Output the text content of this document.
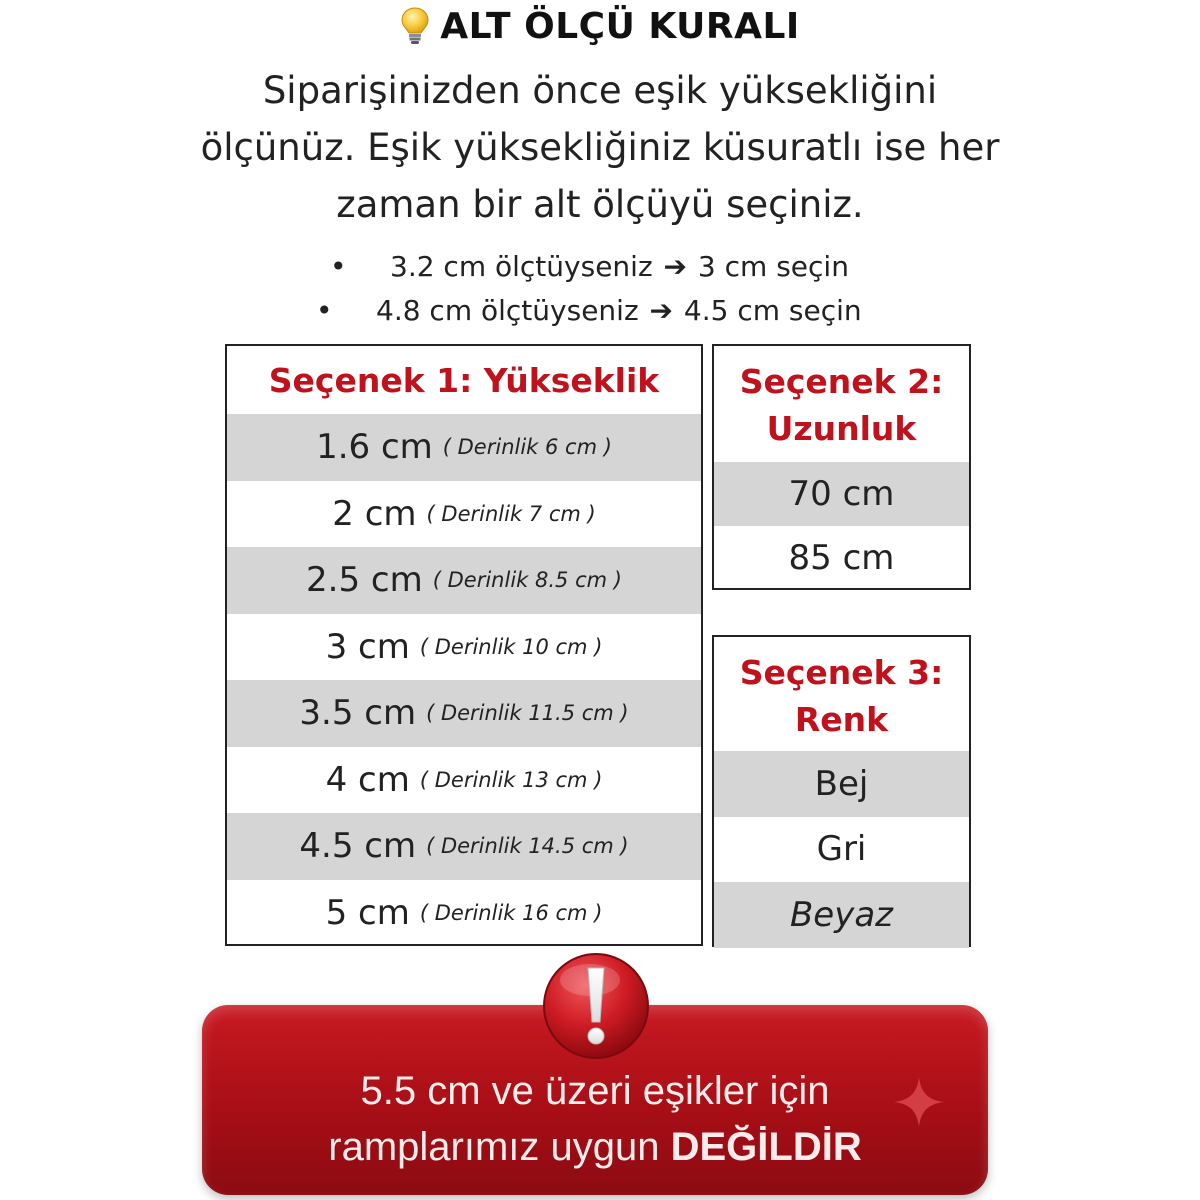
ALT ÖLÇÜ KURALI
Siparişinizden önce eşik yüksekliğini
ölçünüz. Eşik yüksekliğiniz küsuratlı ise her
zaman bir alt ölçüyü seçiniz.
• 3.2 cm ölçtüyseniz ➔ 3 cm seçin
• 4.8 cm ölçtüyseniz ➔ 4.5 cm seçin
Seçenek 1: Yükseklik
1.6 cm ( Derinlik 6 cm )
2 cm ( Derinlik 7 cm )
2.5 cm ( Derinlik 8.5 cm )
3 cm ( Derinlik 10 cm )
3.5 cm ( Derinlik 11.5 cm )
4 cm ( Derinlik 13 cm )
4.5 cm ( Derinlik 14.5 cm )
5 cm ( Derinlik 16 cm )
Seçenek 2:
Uzunluk
70 cm
85 cm
Seçenek 3:
Renk
Bej
Gri
Beyaz
5.5 cm ve üzeri eşikler için
ramplarımız uygun DEĞİLDİR
